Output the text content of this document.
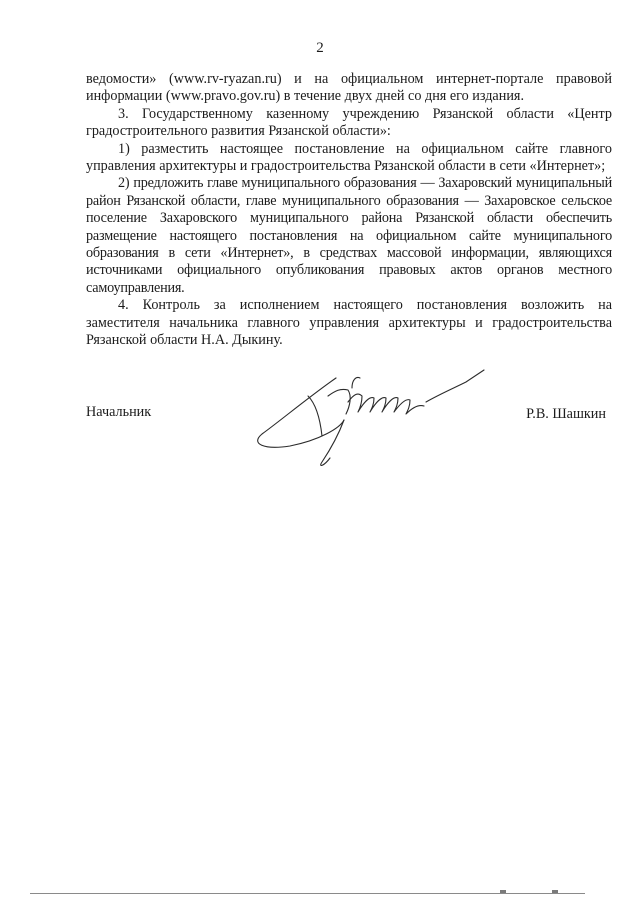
2

ведомости» (www.rv-ryazan.ru) и на официальном интернет-портале правовой информации (www.pravo.gov.ru) в течение двух дней со дня его издания.

3. Государственному казенному учреждению Рязанской области «Центр градостроительного развития Рязанской области»:

1) разместить настоящее постановление на официальном сайте главного управления архитектуры и градостроительства Рязанской области в сети «Интернет»;

2) предложить главе муниципального образования — Захаровский муниципальный район Рязанской области, главе муниципального образования — Захаровское сельское поселение Захаровского муниципального района Рязанской области обеспечить размещение настоящего постановления на официальном сайте муниципального образования в сети «Интернет», в средствах массовой информации, являющихся источниками официального опубликования правовых актов органов местного самоуправления.

4. Контроль за исполнением настоящего постановления возложить на заместителя начальника главного управления архитектуры и градостроительства Рязанской области Н.А. Дыкину.

Начальник	Р.В. Шашкин
